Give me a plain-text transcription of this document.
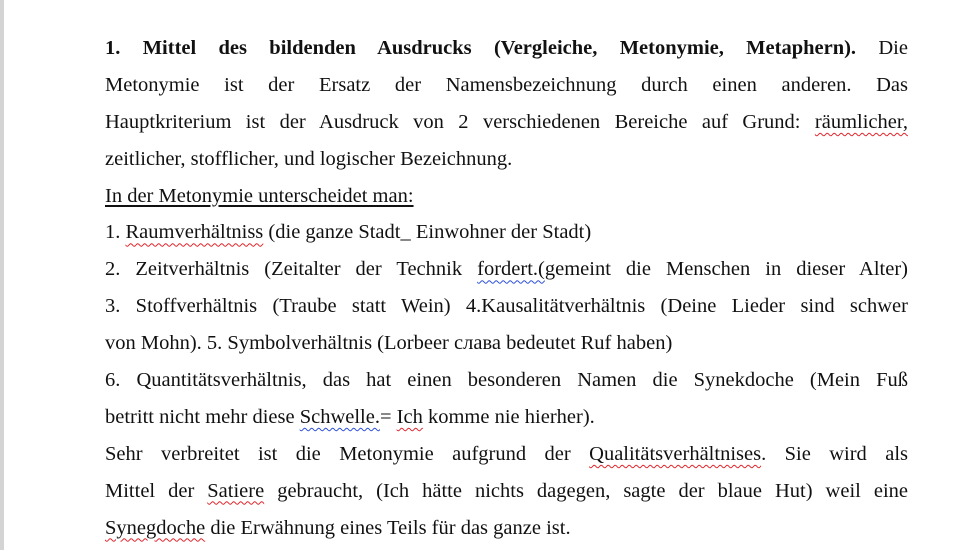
1. Mittel des bildenden Ausdrucks (Vergleiche, Metonymie, Metaphern). Die
Metonymie ist der Ersatz der Namensbezeichnung durch einen anderen. Das
Hauptkriterium ist der Ausdruck von 2 verschiedenen Bereiche auf Grund: räumlicher,
zeitlicher, stofflicher, und logischer Bezeichnung.
In der Metonymie unterscheidet man:
1. Raumverhältniss (die ganze Stadt_ Einwohner der Stadt)
2. Zeitverhältnis (Zeitalter der Technik fordert.(gemeint die Menschen in dieser Alter)
3. Stoffverhältnis (Traube statt Wein) 4.Kausalitätverhältnis (Deine Lieder sind schwer
von Mohn). 5. Symbolverhältnis (Lorbeer слава bedeutet Ruf haben)
6. Quantitätsverhältnis, das hat einen besonderen Namen die Synekdoche (Mein Fuß
betritt nicht mehr diese Schwelle.= Ich komme nie hierher).
Sehr verbreitet ist die Metonymie aufgrund der Qualitätsverhältnises. Sie wird als
Mittel der Satiere gebraucht, (Ich hätte nichts dagegen, sagte der blaue Hut) weil eine
Synegdoche die Erwähnung eines Teils für das ganze ist.
